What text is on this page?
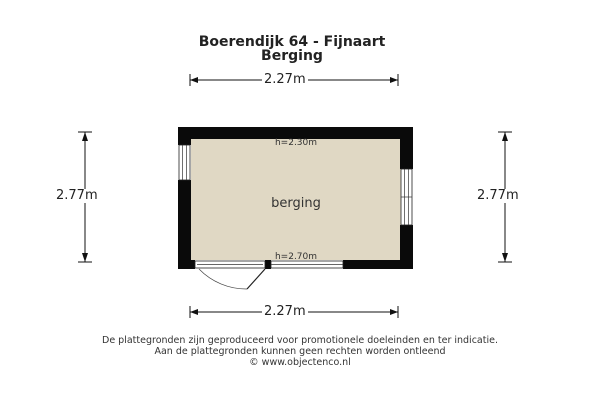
Boerendijk 64 - Fijnaart
Berging
h=2.30m
berging
h=2.70m
2.27m
2.27m
2.77m	2.77m
De plattegronden zijn geproduceerd voor promotionele doeleinden en ter indicatie.
Aan de plattegronden kunnen geen rechten worden ontleend
© www.objectenco.nl
